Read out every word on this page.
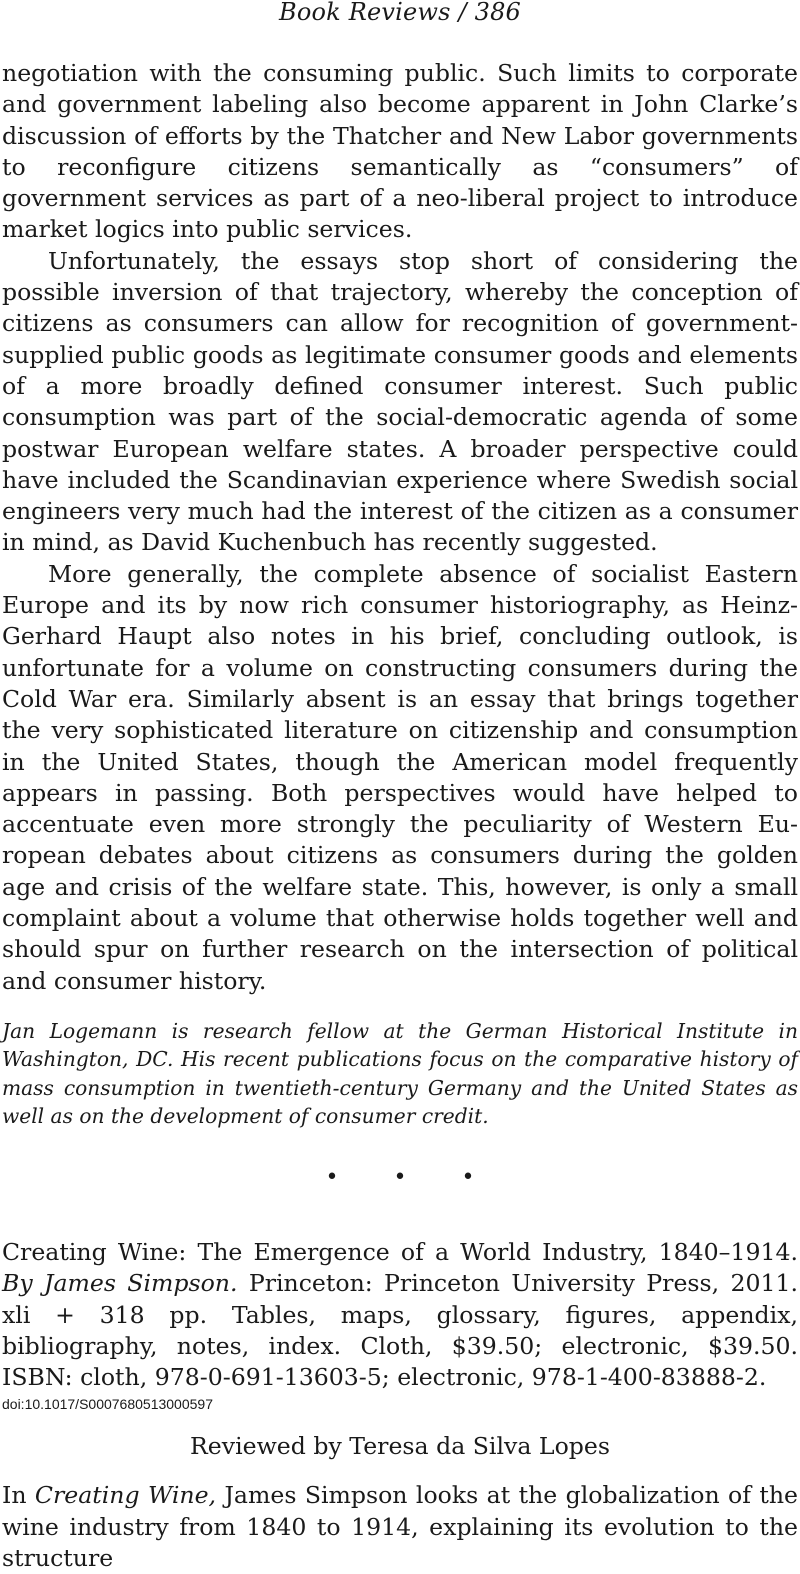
Book Reviews / 386

negotiation with the consuming public. Such limits to corporate and government labeling also become apparent in John Clarke’s discussion of efforts by the Thatcher and New Labor governments to reconfigure citizens semantically as “consumers” of government services as part of a neo-liberal project to introduce market logics into public services.

Unfortunately, the essays stop short of considering the possible inversion of that trajectory, whereby the conception of citizens as consumers can allow for recognition of government-supplied public goods as legitimate consumer goods and elements of a more broadly defined consumer interest. Such public consumption was part of the social-democratic agenda of some postwar European welfare states. A broader perspective could have included the Scandinavian experience where Swedish social engineers very much had the interest of the citizen as a consumer in mind, as David Kuchenbuch has recently suggested.

More generally, the complete absence of socialist Eastern Europe and its by now rich consumer historiography, as Heinz-Gerhard Haupt also notes in his brief, concluding outlook, is unfortunate for a volume on constructing consumers during the Cold War era. Similarly absent is an essay that brings together the very sophisticated literature on citizenship and consumption in the United States, though the American model frequently appears in passing. Both perspectives would have helped to accentuate even more strongly the peculiarity of Western European debates about citizens as consumers during the golden age and crisis of the welfare state. This, however, is only a small complaint about a volume that otherwise holds together well and should spur on further research on the intersection of political and consumer history.

Jan Logemann is research fellow at the German Historical Institute in Washington, DC. His recent publications focus on the comparative history of mass consumption in twentieth-century Germany and the United States as well as on the development of consumer credit.

• • •
Creating Wine: The Emergence of a World Industry, 1840–1914. By James Simpson. Princeton: Princeton University Press, 2011. xli + 318 pp. Tables, maps, glossary, figures, appendix, bibliography, notes, index. Cloth, $39.50; electronic, $39.50. ISBN: cloth, 978-0-691-13603-5; electronic, 978-1-400-83888-2.
doi:10.1017/S0007680513000597
Reviewed by Teresa da Silva Lopes
In Creating Wine, James Simpson looks at the globalization of the wine industry from 1840 to 1914, explaining its evolution to the structure
